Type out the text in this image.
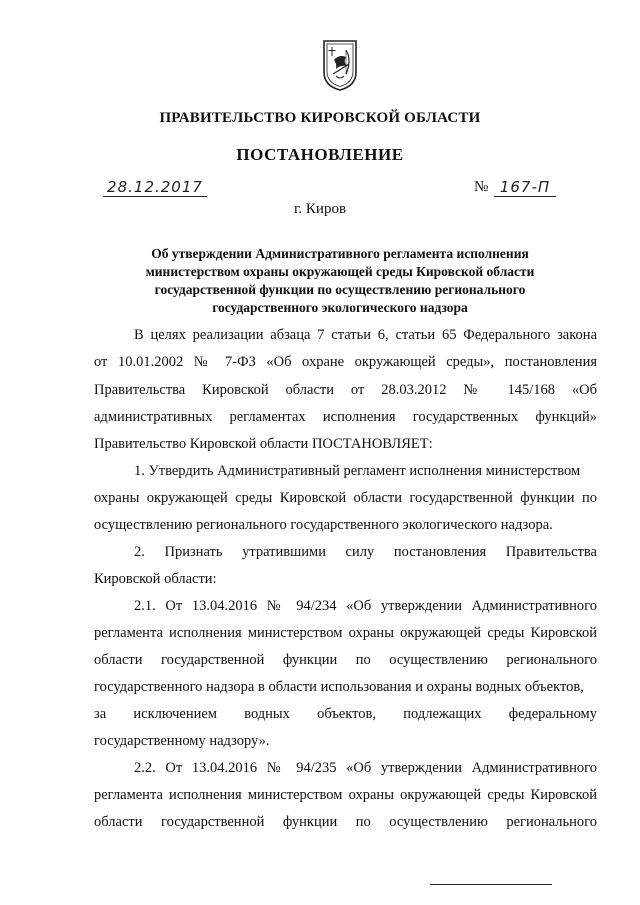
ПРАВИТЕЛЬСТВО КИРОВСКОЙ ОБЛАСТИ
ПОСТАНОВЛЕНИЕ
28.12.2017	№ 167-П
г. Киров
Об утверждении Административного регламента исполнения
министерством охраны окружающей среды Кировской области
государственной функции по осуществлению регионального
государственного экологического надзора
В целях реализации абзаца 7 статьи 6, статьи 65 Федерального закона
от 10.01.2002 № 7-ФЗ «Об охране окружающей среды», постановления
Правительства Кировской области от 28.03.2012 № 145/168 «Об
административных регламентах исполнения государственных функций»
Правительство Кировской области ПОСТАНОВЛЯЕТ:
1. Утвердить Административный регламент исполнения министерством
охраны окружающей среды Кировской области государственной функции по
осуществлению регионального государственного экологического надзора.
2. Признать утратившими силу постановления Правительства
Кировской области:
2.1. От 13.04.2016 № 94/234 «Об утверждении Административного
регламента исполнения министерством охраны окружающей среды Кировской
области государственной функции по осуществлению регионального
государственного надзора в области использования и охраны водных объектов,
за исключением водных объектов, подлежащих федеральному
государственному надзору».
2.2. От 13.04.2016 № 94/235 «Об утверждении Административного
регламента исполнения министерством охраны окружающей среды Кировской
области государственной функции по осуществлению регионального
